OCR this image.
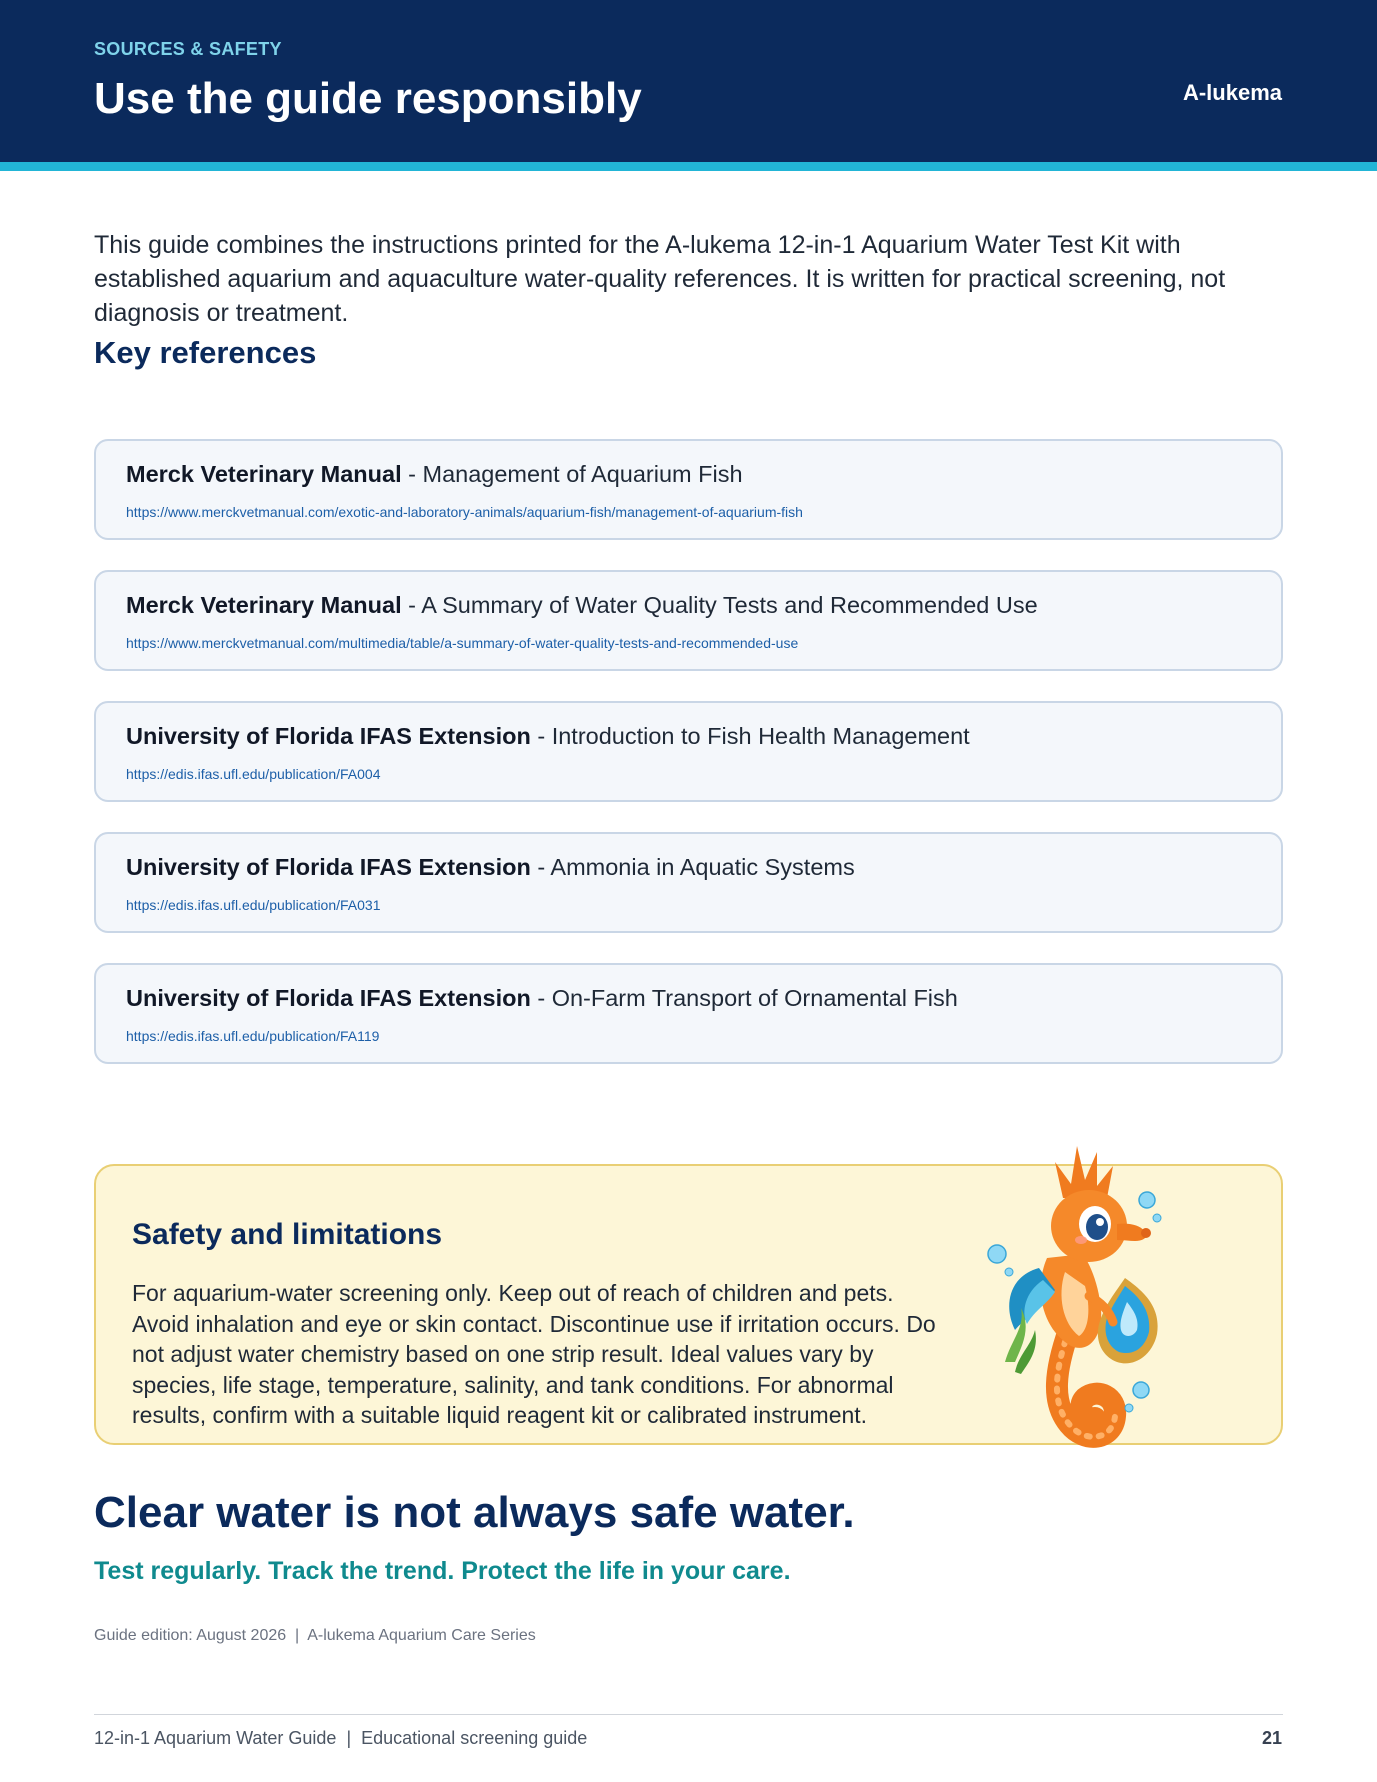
SOURCES & SAFETY
Use the guide responsibly	A-lukema

This guide combines the instructions printed for the A-lukema 12-in-1 Aquarium Water Test Kit with established aquarium and aquaculture water-quality references. It is written for practical screening, not diagnosis or treatment.

Key references
Merck Veterinary Manual - Management of Aquarium Fish
https://www.merckvetmanual.com/exotic-and-laboratory-animals/aquarium-fish/management-of-aquarium-fish
Merck Veterinary Manual - A Summary of Water Quality Tests and Recommended Use
https://www.merckvetmanual.com/multimedia/table/a-summary-of-water-quality-tests-and-recommended-use
University of Florida IFAS Extension - Introduction to Fish Health Management
https://edis.ifas.ufl.edu/publication/FA004
University of Florida IFAS Extension - Ammonia in Aquatic Systems
https://edis.ifas.ufl.edu/publication/FA031
University of Florida IFAS Extension - On-Farm Transport of Ornamental Fish
https://edis.ifas.ufl.edu/publication/FA119
Safety and limitations

For aquarium-water screening only. Keep out of reach of children and pets. Avoid inhalation and eye or skin contact. Discontinue use if irritation occurs. Do not adjust water chemistry based on one strip result. Ideal values vary by species, life stage, temperature, salinity, and tank conditions. For abnormal results, confirm with a suitable liquid reagent kit or calibrated instrument.

Clear water is not always safe water.

Test regularly. Track the trend. Protect the life in your care.

Guide edition: August 2026  |  A-lukema Aquarium Care Series

12-in-1 Aquarium Water Guide  |  Educational screening guide	21
